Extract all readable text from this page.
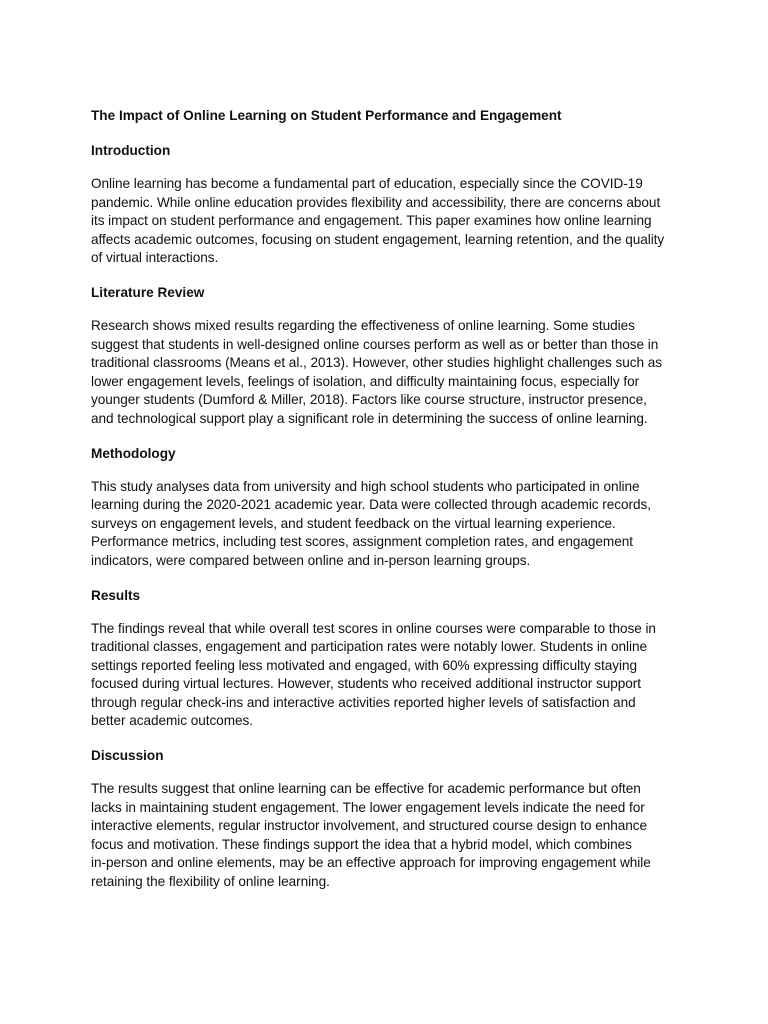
The Impact of Online Learning on Student Performance and Engagement
Introduction

Online learning has become a fundamental part of education, especially since the COVID-19
pandemic. While online education provides flexibility and accessibility, there are concerns about
its impact on student performance and engagement. This paper examines how online learning
affects academic outcomes, focusing on student engagement, learning retention, and the quality
of virtual interactions.

Literature Review

Research shows mixed results regarding the effectiveness of online learning. Some studies
suggest that students in well-designed online courses perform as well as or better than those in
traditional classrooms (Means et al., 2013). However, other studies highlight challenges such as
lower engagement levels, feelings of isolation, and difficulty maintaining focus, especially for
younger students (Dumford & Miller, 2018). Factors like course structure, instructor presence,
and technological support play a significant role in determining the success of online learning.

Methodology

This study analyses data from university and high school students who participated in online
learning during the 2020-2021 academic year. Data were collected through academic records,
surveys on engagement levels, and student feedback on the virtual learning experience.
Performance metrics, including test scores, assignment completion rates, and engagement
indicators, were compared between online and in-person learning groups.

Results

The findings reveal that while overall test scores in online courses were comparable to those in
traditional classes, engagement and participation rates were notably lower. Students in online
settings reported feeling less motivated and engaged, with 60% expressing difficulty staying
focused during virtual lectures. However, students who received additional instructor support
through regular check-ins and interactive activities reported higher levels of satisfaction and
better academic outcomes.

Discussion

The results suggest that online learning can be effective for academic performance but often
lacks in maintaining student engagement. The lower engagement levels indicate the need for
interactive elements, regular instructor involvement, and structured course design to enhance
focus and motivation. These findings support the idea that a hybrid model, which combines
in-person and online elements, may be an effective approach for improving engagement while
retaining the flexibility of online learning.
